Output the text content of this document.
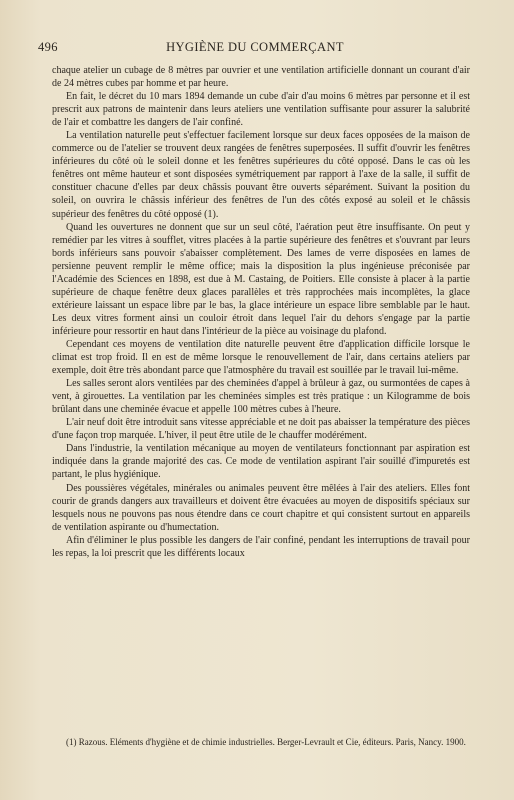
496	HYGIÈNE DU COMMERÇANT

chaque atelier un cubage de 8 mètres par ouvrier et une ventilation artificielle donnant un courant d'air de 24 mètres cubes par homme et par heure.

En fait, le décret du 10 mars 1894 demande un cube d'air d'au moins 6 mètres par personne et il est prescrit aux patrons de maintenir dans leurs ateliers une ventilation suffisante pour assurer la salubrité de l'air et combattre les dangers de l'air confiné.

La ventilation naturelle peut s'effectuer facilement lorsque sur deux faces opposées de la maison de commerce ou de l'atelier se trouvent deux rangées de fenêtres superposées. Il suffit d'ouvrir les fenêtres inférieures du côté où le soleil donne et les fenêtres supérieures du côté opposé. Dans le cas où les fenêtres ont même hauteur et sont disposées symétriquement par rapport à l'axe de la salle, il suffit de constituer chacune d'elles par deux châssis pouvant être ouverts séparément. Suivant la position du soleil, on ouvrira le châssis inférieur des fenêtres de l'un des côtés exposé au soleil et le châssis supérieur des fenêtres du côté opposé (1).

Quand les ouvertures ne donnent que sur un seul côté, l'aération peut être insuffisante. On peut y remédier par les vitres à soufflet, vitres placées à la partie supérieure des fenêtres et s'ouvrant par leurs bords inférieurs sans pouvoir s'abaisser complètement. Des lames de verre disposées en lames de persienne peuvent remplir le même office; mais la disposition la plus ingénieuse préconisée par l'Académie des Sciences en 1898, est due à M. Castaing, de Poitiers. Elle consiste à placer à la partie supérieure de chaque fenêtre deux glaces parallèles et très rapprochées mais incomplètes, la glace extérieure laissant un espace libre par le bas, la glace intérieure un espace libre semblable par le haut. Les deux vitres forment ainsi un couloir étroit dans lequel l'air du dehors s'engage par la partie inférieure pour ressortir en haut dans l'intérieur de la pièce au voisinage du plafond.

Cependant ces moyens de ventilation dite naturelle peuvent être d'application difficile lorsque le climat est trop froid. Il en est de même lorsque le renouvellement de l'air, dans certains ateliers par exemple, doit être très abondant parce que l'atmosphère du travail est souillée par le travail lui-même.

Les salles seront alors ventilées par des cheminées d'appel à brûleur à gaz, ou surmontées de capes à vent, à girouettes. La ventilation par les cheminées simples est très pratique : un Kilogramme de bois brûlant dans une cheminée évacue et appelle 100 mètres cubes à l'heure.

L'air neuf doit être introduit sans vitesse appréciable et ne doit pas abaisser la température des pièces d'une façon trop marquée. L'hiver, il peut être utile de le chauffer modérément.

Dans l'industrie, la ventilation mécanique au moyen de ventilateurs fonctionnant par aspiration est indiquée dans la grande majorité des cas. Ce mode de ventilation aspirant l'air souillé d'impuretés est partant, le plus hygiénique.

Des poussières végétales, minérales ou animales peuvent être mêlées à l'air des ateliers. Elles font courir de grands dangers aux travailleurs et doivent être évacuées au moyen de dispositifs spéciaux sur lesquels nous ne pouvons pas nous étendre dans ce court chapitre et qui consistent surtout en appareils de ventilation aspirante ou d'humectation.

Afin d'éliminer le plus possible les dangers de l'air confiné, pendant les interruptions de travail pour les repas, la loi prescrit que les différents locaux

(1) Razous. Eléments d'hygiène et de chimie industrielles. Berger-Levrault et Cie, éditeurs. Paris, Nancy. 1900.
